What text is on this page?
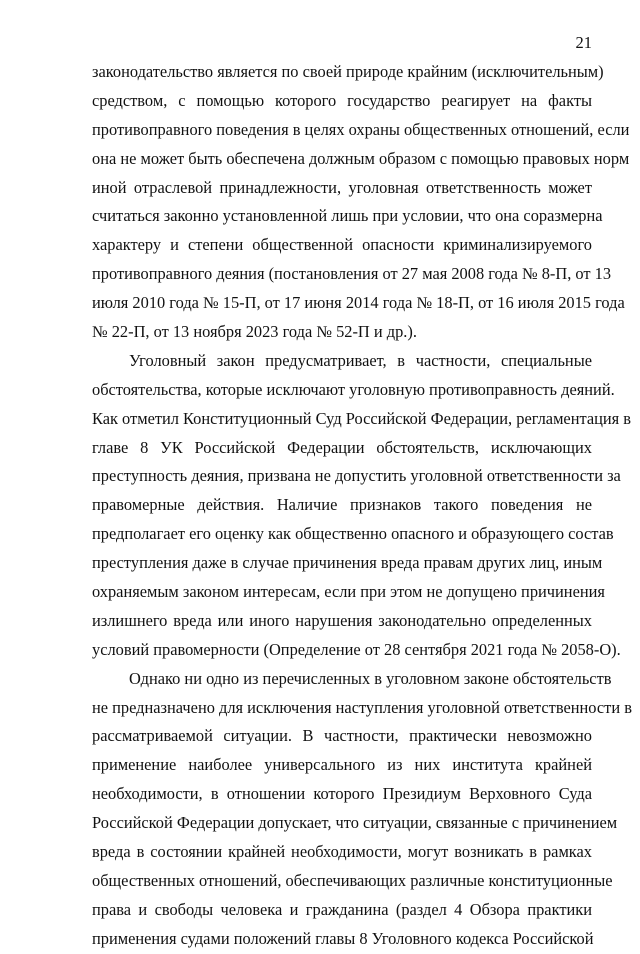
21
законодательство является по своей природе крайним (исключительным)
средством, с помощью которого государство реагирует на факты
противоправного поведения в целях охраны общественных отношений, если
она не может быть обеспечена должным образом с помощью правовых норм
иной отраслевой принадлежности, уголовная ответственность может
считаться законно установленной лишь при условии, что она соразмерна
характеру и степени общественной опасности криминализируемого
противоправного деяния (постановления от 27 мая 2008 года № 8-П, от 13
июля 2010 года № 15-П, от 17 июня 2014 года № 18-П, от 16 июля 2015 года
№ 22-П, от 13 ноября 2023 года № 52-П и др.).
Уголовный закон предусматривает, в частности, специальные
обстоятельства, которые исключают уголовную противоправность деяний.
Как отметил Конституционный Суд Российской Федерации, регламентация в
главе 8 УК Российской Федерации обстоятельств, исключающих
преступность деяния, призвана не допустить уголовной ответственности за
правомерные действия. Наличие признаков такого поведения не
предполагает его оценку как общественно опасного и образующего состав
преступления даже в случае причинения вреда правам других лиц, иным
охраняемым законом интересам, если при этом не допущено причинения
излишнего вреда или иного нарушения законодательно определенных
условий правомерности (Определение от 28 сентября 2021 года № 2058-О).
Однако ни одно из перечисленных в уголовном законе обстоятельств
не предназначено для исключения наступления уголовной ответственности в
рассматриваемой ситуации. В частности, практически невозможно
применение наиболее универсального из них института крайней
необходимости, в отношении которого Президиум Верховного Суда
Российской Федерации допускает, что ситуации, связанные с причинением
вреда в состоянии крайней необходимости, могут возникать в рамках
общественных отношений, обеспечивающих различные конституционные
права и свободы человека и гражданина (раздел 4 Обзора практики
применения судами положений главы 8 Уголовного кодекса Российской
